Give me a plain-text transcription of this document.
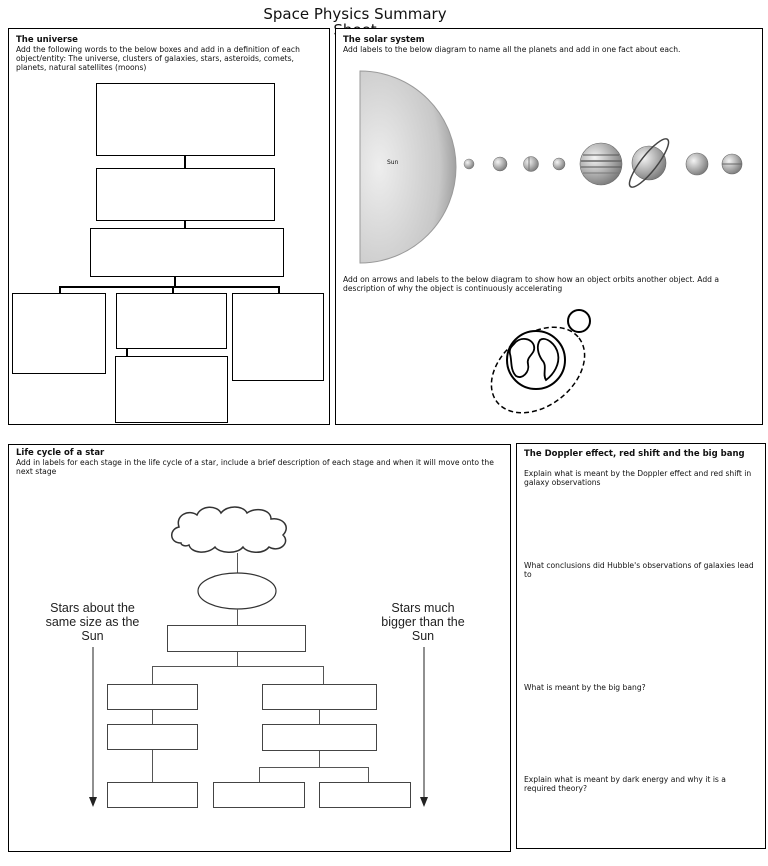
Space Physics Summary
The universe
Add the following words to the below boxes and add in a definition of each object/entity: The universe, clusters of galaxies, stars, asteroids, comets, planets, natural satellites (moons)
The solar system
Add labels to the below diagram to name all the planets and add in one fact about each.
Sun
Add on arrows and labels to the below diagram to show how an object orbits another object. Add a description of why the object is continuously accelerating
Life cycle of a star
Add in labels for each stage in the life cycle of a star, include a brief description of each stage and when it will move onto the next stage
Stars about the same size as the Sun
Stars much bigger than the Sun
The Doppler effect, red shift and the big bang
Explain what is meant by the Doppler effect and red shift in galaxy observations
What conclusions did Hubble's observations of galaxies lead to
What is meant by the big bang?
Explain what is meant by dark energy and why it is a required theory?
